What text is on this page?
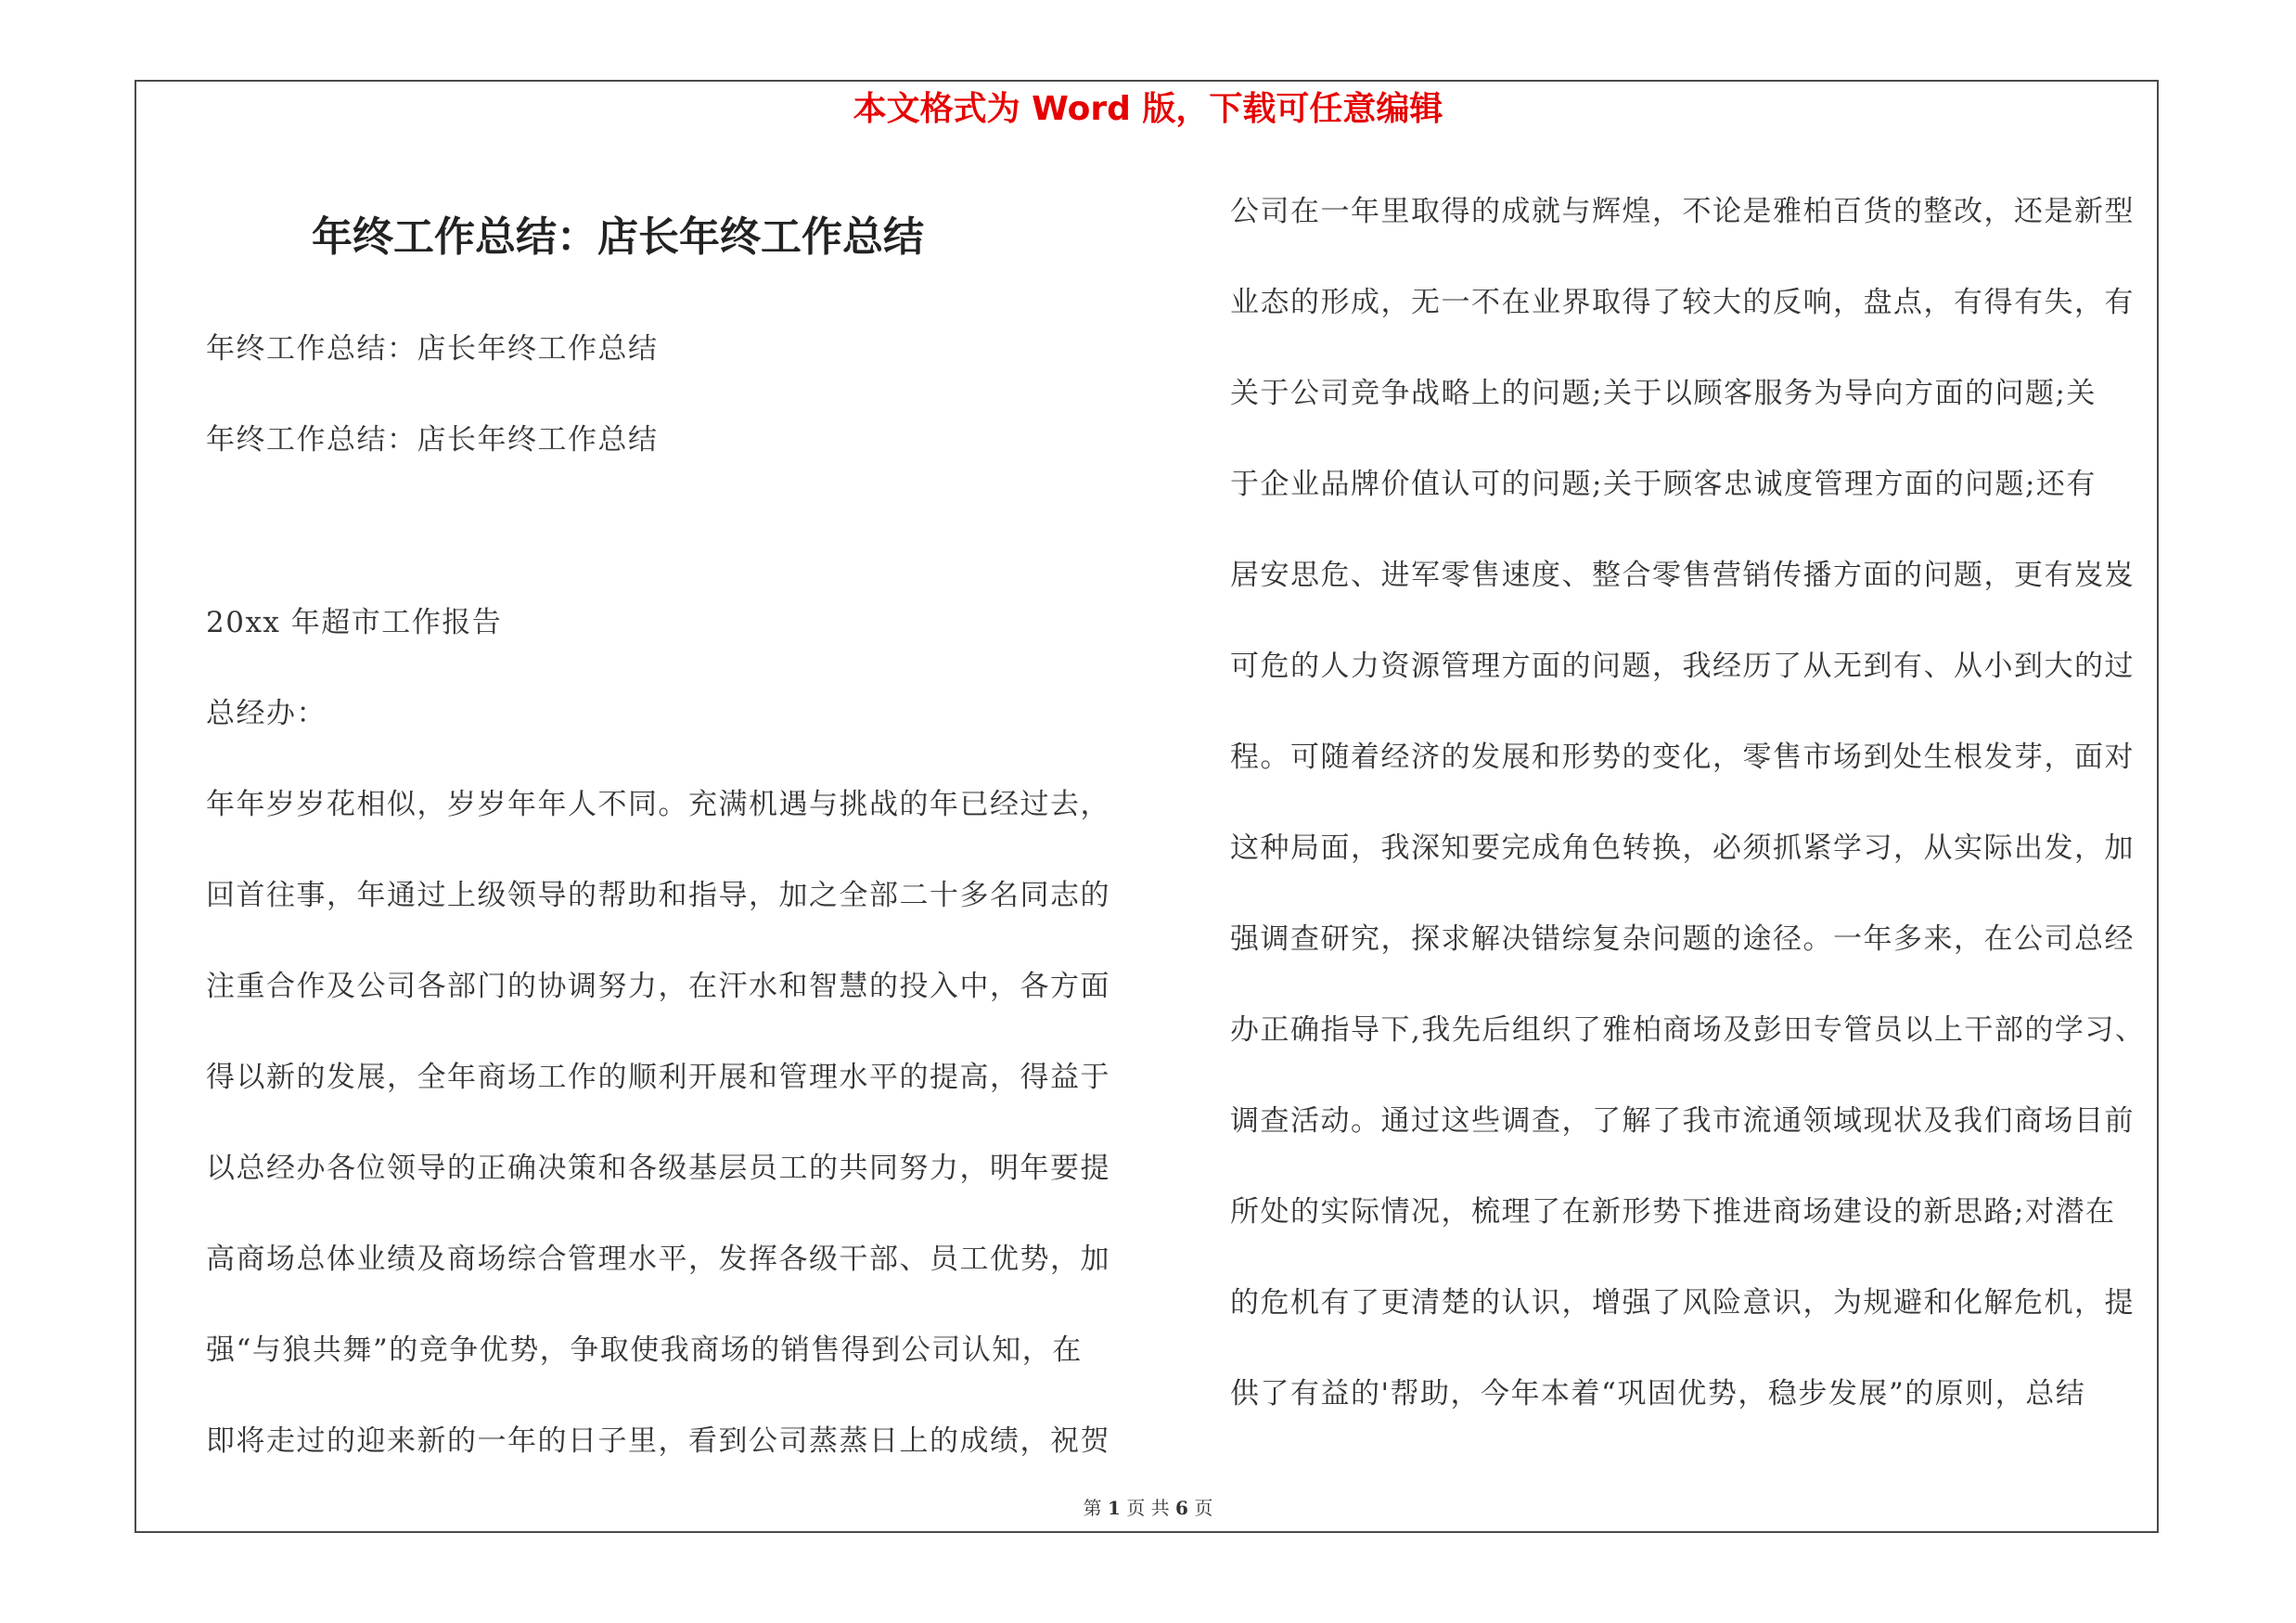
本文格式为 Word 版，下载可任意编辑
年终工作总结：店长年终工作总结
年终工作总结：店长年终工作总结
年终工作总结：店长年终工作总结
20xx 年超市工作报告
总经办：
年年岁岁花相似，岁岁年年人不同。充满机遇与挑战的年已经过去，
回首往事，年通过上级领导的帮助和指导，加之全部二十多名同志的
注重合作及公司各部门的协调努力，在汗水和智慧的投入中，各方面
得以新的发展，全年商场工作的顺利开展和管理水平的提高，得益于
以总经办各位领导的正确决策和各级基层员工的共同努力，明年要提
高商场总体业绩及商场综合管理水平，发挥各级干部、员工优势，加
强“与狼共舞”的竞争优势，争取使我商场的销售得到公司认知，在
即将走过的迎来新的一年的日子里，看到公司蒸蒸日上的成绩，祝贺
公司在一年里取得的成就与辉煌，不论是雅柏百货的整改，还是新型
业态的形成，无一不在业界取得了较大的反响，盘点，有得有失，有
关于公司竞争战略上的问题;关于以顾客服务为导向方面的问题;关
于企业品牌价值认可的问题;关于顾客忠诚度管理方面的问题;还有
居安思危、进军零售速度、整合零售营销传播方面的问题，更有岌岌
可危的人力资源管理方面的问题，我经历了从无到有、从小到大的过
程。可随着经济的发展和形势的变化，零售市场到处生根发芽，面对
这种局面，我深知要完成角色转换，必须抓紧学习，从实际出发，加
强调查研究，探求解决错综复杂问题的途径。一年多来，在公司总经
办正确指导下,我先后组织了雅柏商场及彭田专管员以上干部的学习、
调查活动。通过这些调查，了解了我市流通领域现状及我们商场目前
所处的实际情况，梳理了在新形势下推进商场建设的新思路;对潜在
的危机有了更清楚的认识，增强了风险意识，为规避和化解危机，提
供了有益的'帮助，今年本着“巩固优势，稳步发展”的原则，总结
第 1 页 共 6 页
